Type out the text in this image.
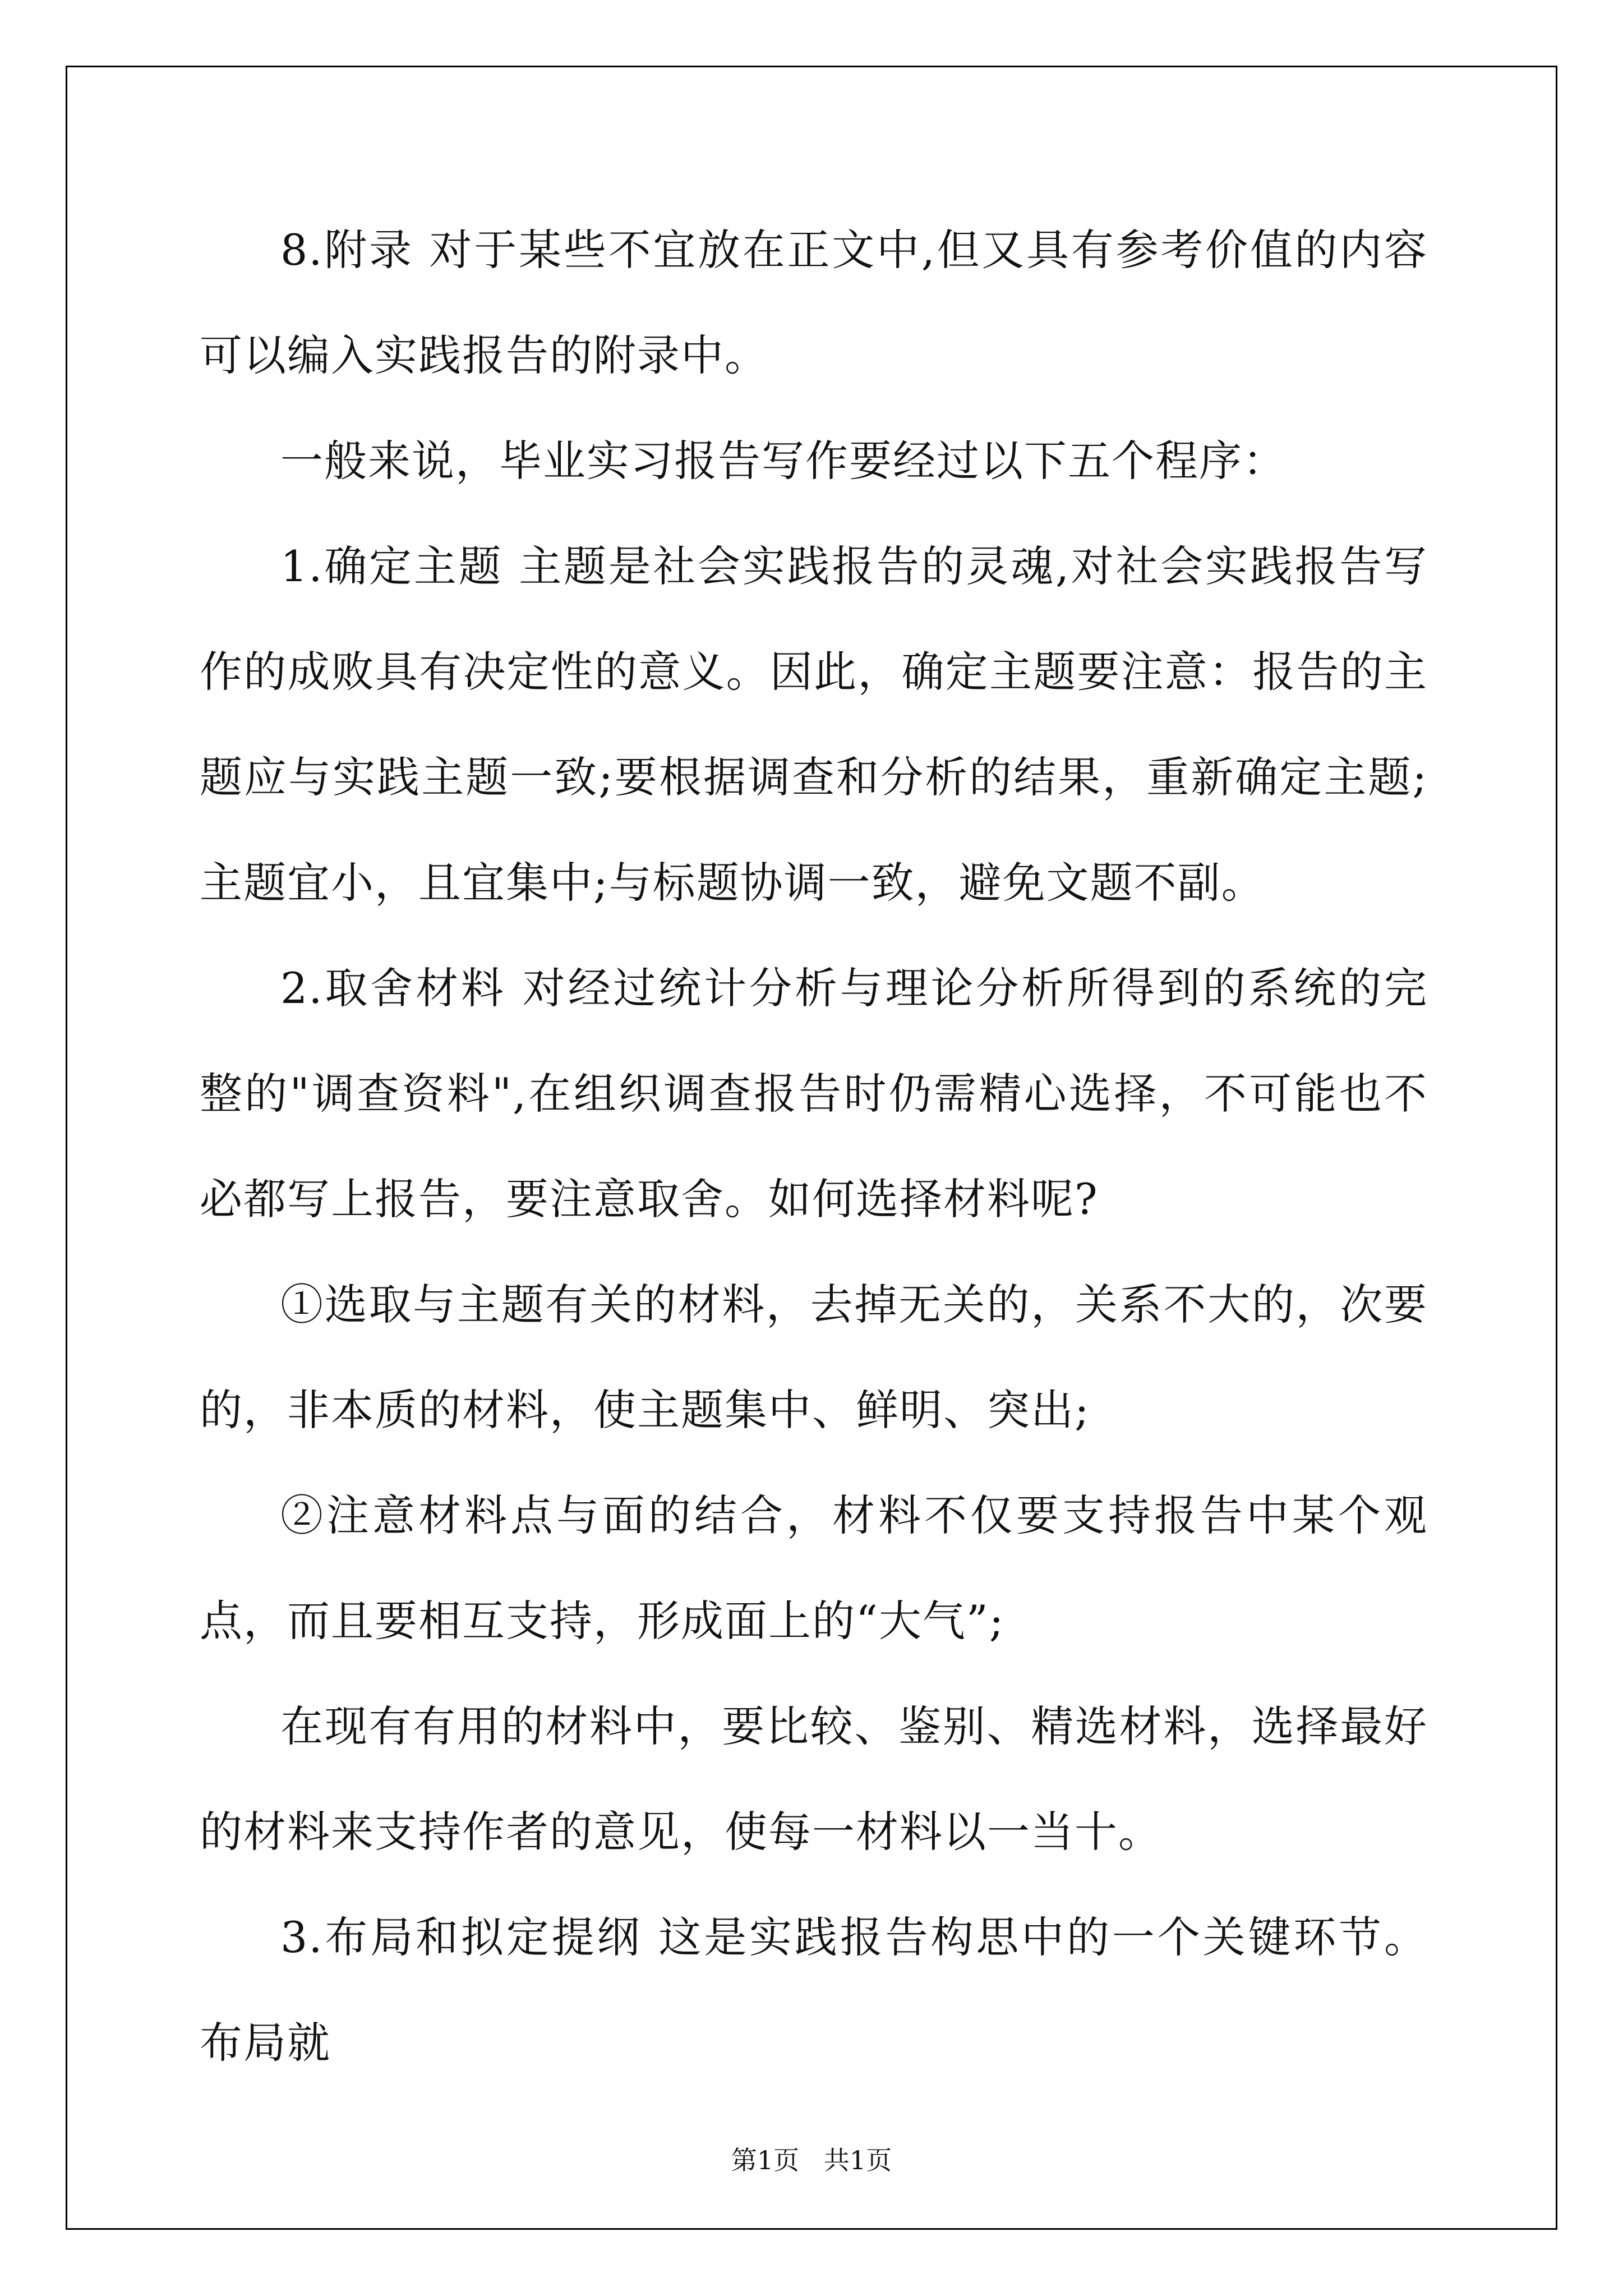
8.附录 对于某些不宜放在正文中,但又具有参考价值的内容可以编入实践报告的附录中。

一般来说，毕业实习报告写作要经过以下五个程序：

1.确定主题 主题是社会实践报告的灵魂,对社会实践报告写作的成败具有决定性的意义。因此，确定主题要注意：报告的主题应与实践主题一致;要根据调查和分析的结果，重新确定主题;主题宜小，且宜集中;与标题协调一致，避免文题不副。

2.取舍材料 对经过统计分析与理论分析所得到的系统的完整的"调查资料",在组织调查报告时仍需精心选择，不可能也不必都写上报告，要注意取舍。如何选择材料呢?

①选取与主题有关的材料，去掉无关的，关系不大的，次要的，非本质的材料，使主题集中、鲜明、突出;

②注意材料点与面的结合，材料不仅要支持报告中某个观点，而且要相互支持，形成面上的“大气”;

在现有有用的材料中，要比较、鉴别、精选材料，选择最好的材料来支持作者的意见，使每一材料以一当十。

3.布局和拟定提纲 这是实践报告构思中的一个关键环节。布局就

第1页   共1页
